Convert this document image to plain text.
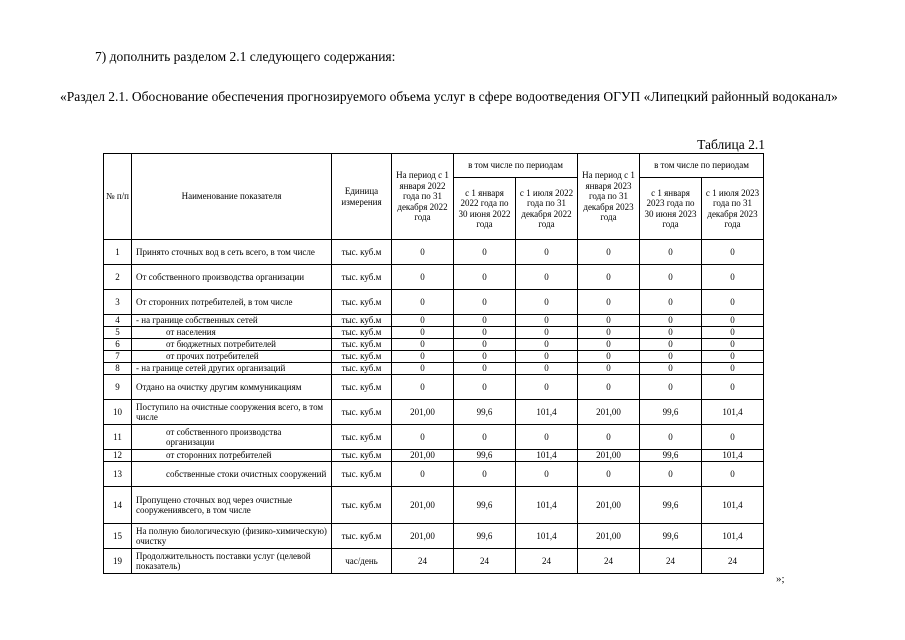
7) дополнить разделом 2.1 следующего содержания:
«Раздел 2.1. Обоснование обеспечения прогнозируемого объема услуг в сфере водоотведения ОГУП «Липецкий районный водоканал»
Таблица 2.1
№ п/п	Наименование показателя	Единица измерения	На период с 1 января 2022 года по 31 декабря 2022 года	в том числе по периодам		На период с 1 января 2023 года по 31 декабря 2023 года	в том числе по периодам	
				с 1 января 2022 года по 30 июня 2022 года	с 1 июля 2022 года по 31 декабря 2022 года		с 1 января 2023 года по 30 июня 2023 года	с 1 июля 2023 года по 31 декабря 2023 года
1	Принято сточных вод в сеть всего, в том числе	тыс. куб.м	0	0	0	0	0	0
2	От собственного производства организации	тыс. куб.м	0	0	0	0	0	0
3	От сторонних потребителей, в том числе	тыс. куб.м	0	0	0	0	0	0
4	- на границе собственных сетей	тыс. куб.м	0	0	0	0	0	0
5	от населения	тыс. куб.м	0	0	0	0	0	0
6	от бюджетных потребителей	тыс. куб.м	0	0	0	0	0	0
7	от прочих потребителей	тыс. куб.м	0	0	0	0	0	0
8	- на границе сетей других организаций	тыс. куб.м	0	0	0	0	0	0
9	Отдано на очистку другим коммуникациям	тыс. куб.м	0	0	0	0	0	0
10	Поступило на очистные сооружения всего, в том числе	тыс. куб.м	201,00	99,6	101,4	201,00	99,6	101,4
11	от собственного производства организации	тыс. куб.м	0	0	0	0	0	0
12	от сторонних потребителей	тыс. куб.м	201,00	99,6	101,4	201,00	99,6	101,4
13	собственные стоки очистных сооружений	тыс. куб.м	0	0	0	0	0	0
14	Пропущено сточных вод через очистные сооружениявсего, в том числе	тыс. куб.м	201,00	99,6	101,4	201,00	99,6	101,4
15	На полную биологическую (физико-химическую) очистку	тыс. куб.м	201,00	99,6	101,4	201,00	99,6	101,4
19	Продолжительность поставки услуг (целевой показатель)	час/день	24	24	24	24	24	24
»;
